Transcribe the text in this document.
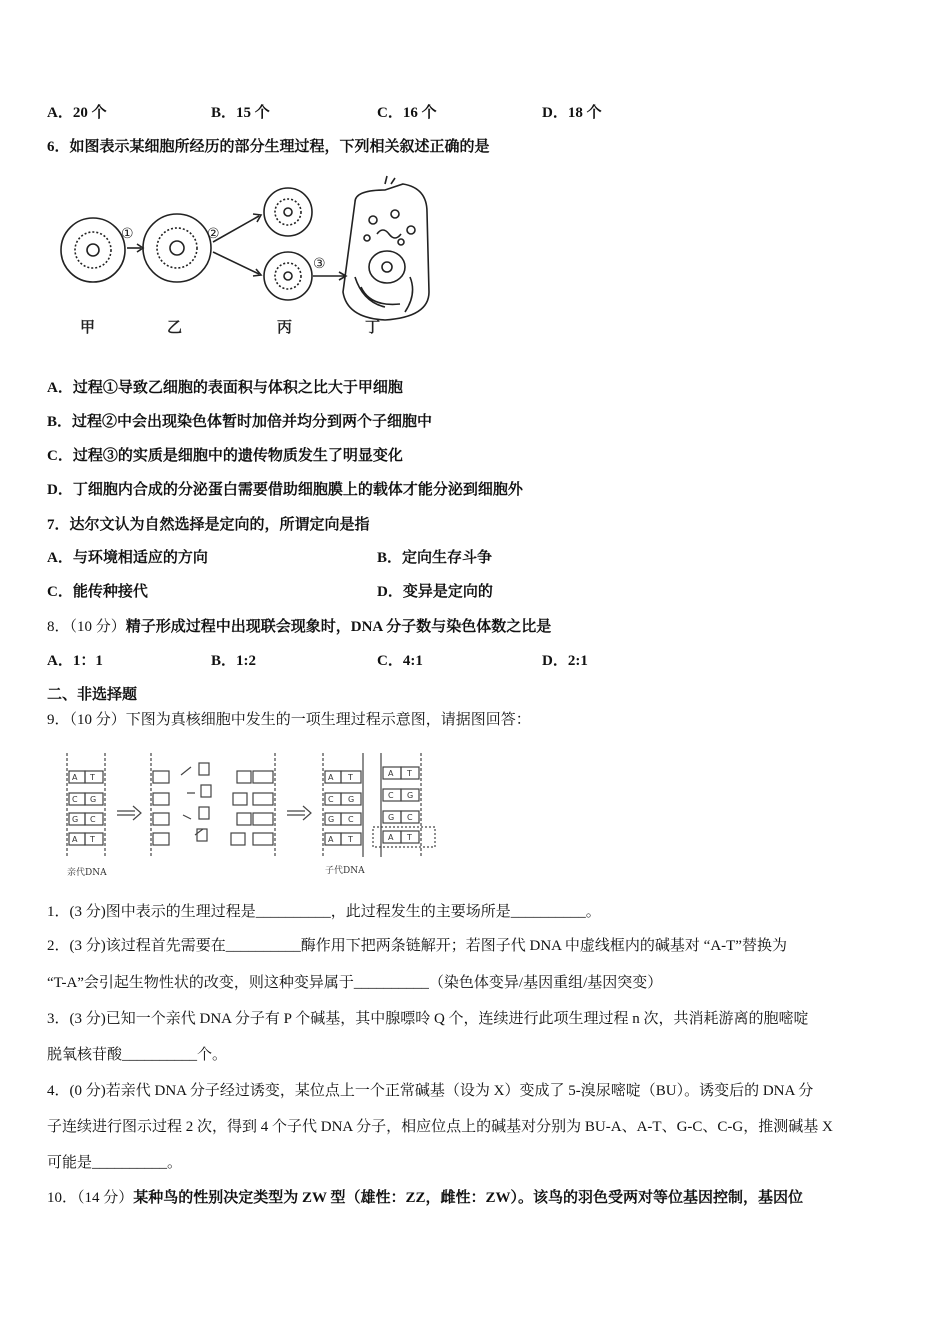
A．20 个	B．15 个	C．16 个	D．18 个
6．如图表示某细胞所经历的部分生理过程，下列相关叙述正确的是
①	②
③
甲	乙	丙	丁
A．过程①导致乙细胞的表面积与体积之比大于甲细胞
B．过程②中会出现染色体暂时加倍并均分到两个子细胞中
C．过程③的实质是细胞中的遗传物质发生了明显变化
D．丁细胞内合成的分泌蛋白需要借助细胞膜上的载体才能分泌到细胞外
7．达尔文认为自然选择是定向的，所谓定向是指
A．与环境相适应的方向	B．定向生存斗争
C．能传种接代	D．变异是定向的
8．（10 分）精子形成过程中出现联会现象时，DNA 分子数与染色体数之比是
A．1：1	B．1:2	C．4:1	D．2:1
二、非选择题
9．（10 分）下图为真核细胞中发生的一项生理过程示意图，请据图回答：
A T
C G
G C
A T
A T
C G
G C
A T
A T
C G
G C
A T
亲代DNA	子代DNA
1．(3 分)图中表示的生理过程是__________，此过程发生的主要场所是__________。
2．(3 分)该过程首先需要在__________酶作用下把两条链解开；若图子代 DNA 中虚线框内的碱基对 “A-T”替换为
“T-A”会引起生物性状的改变，则这种变异属于__________（染色体变异/基因重组/基因突变）
3．(3 分)已知一个亲代 DNA 分子有 P 个碱基，其中腺嘌呤 Q 个，连续进行此项生理过程 n 次，共消耗游离的胞嘧啶
脱氧核苷酸__________个。
4．(0 分)若亲代 DNA 分子经过诱变，某位点上一个正常碱基（设为 X）变成了 5-溴尿嘧啶（BU）。诱变后的 DNA 分
子连续进行图示过程 2 次，得到 4 个子代 DNA 分子，相应位点上的碱基对分别为 BU-A、A-T、G-C、C-G，推测碱基 X
可能是__________。
10．（14 分）某种鸟的性别决定类型为 ZW 型（雄性：ZZ，雌性：ZW）。该鸟的羽色受两对等位基因控制，基因位
